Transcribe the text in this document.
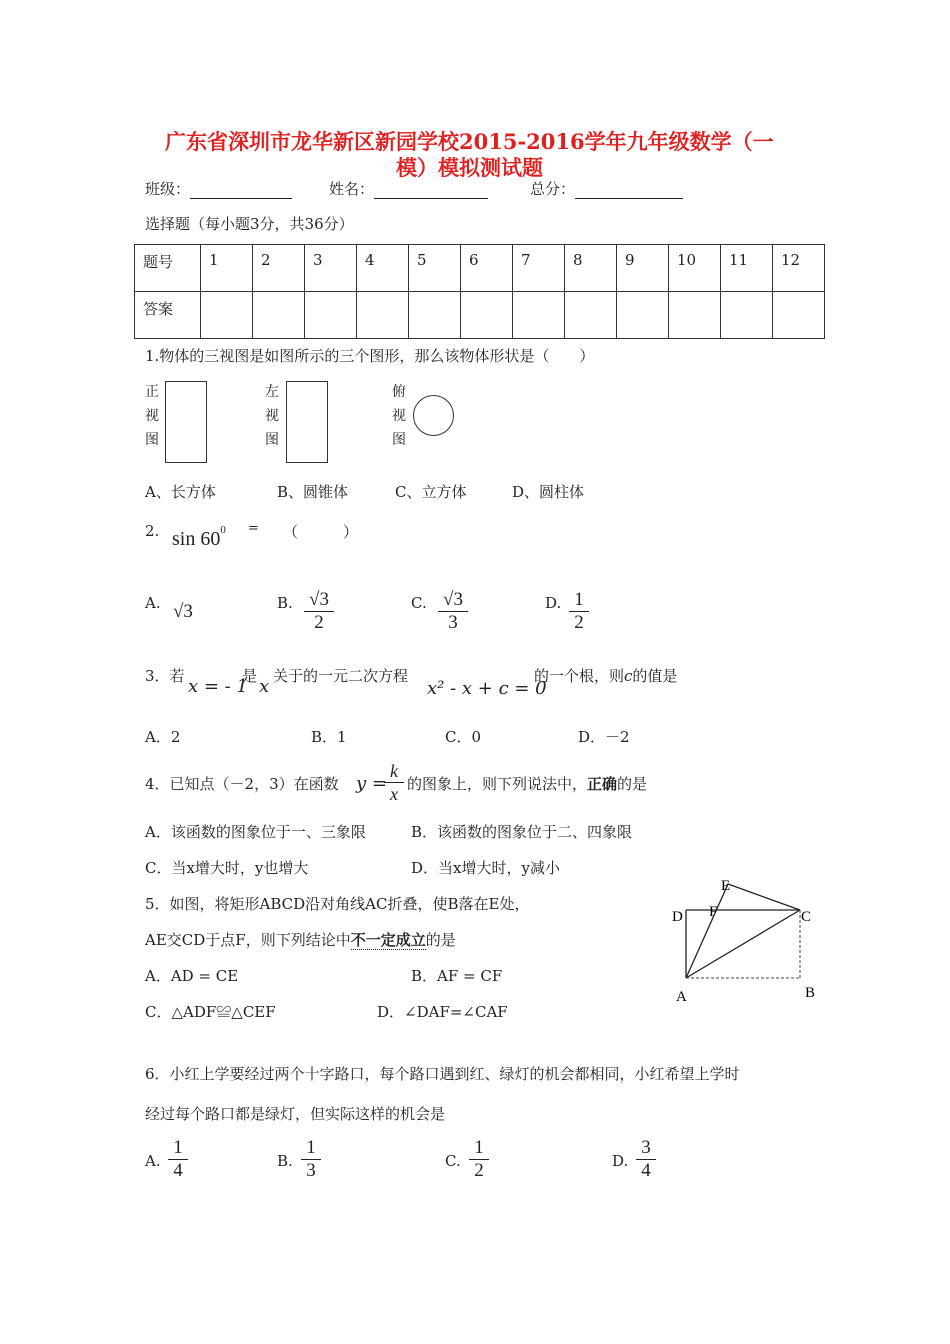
广东省深圳市龙华新区新园学校2015-2016学年九年级数学（一
模）模拟测试题
班级：	姓名：	总分：
选择题（每小题3分，共36分）
题号	1	2	3	4	5	6	7	8	9	10	11	12
答案												
1.物体的三视图是如图所示的三个图形，那么该物体形状是（　　）
正
视
图
左
视
图
俯
视
图
A、长方体	B、圆锥体	C、立方体	D、圆柱体
2. $\sin 60^0$ = （　　　）
A. √3	B. $\frac{√3}{2}$	C. $\frac{√3}{3}$	D. $\frac{1}{2}$
3．若 x = - 1
是 x 关于的一元二次方程
x² - x + c = 0
的一个根，则c的值是
A．2	B．1	C．0	D．－2
4．已知点（－2，3）在函数 y =
$\frac{k}{x}$ 的图象上，则下列说法中，正确的是
A．该函数的图象位于一、三象限	B．该函数的图象位于二、四象限
C．当x增大时，y也增大	D．当x增大时，y减小
5．如图，将矩形ABCD沿对角线AC折叠，使B落在E处，
AE交CD于点F，则下列结论中不一定成立的是
A．AD = CE	B．AF = CF
C．△ADF≌△CEF	D．∠DAF=∠CAF
E
F
D	C
A	B
6．小红上学要经过两个十字路口，每个路口遇到红、绿灯的机会都相同，小红希望上学时
经过每个路口都是绿灯，但实际这样的机会是
A. $\frac{1}{4}$	B. $\frac{1}{3}$	C. $\frac{1}{2}$	D. $\frac{3}{4}$
